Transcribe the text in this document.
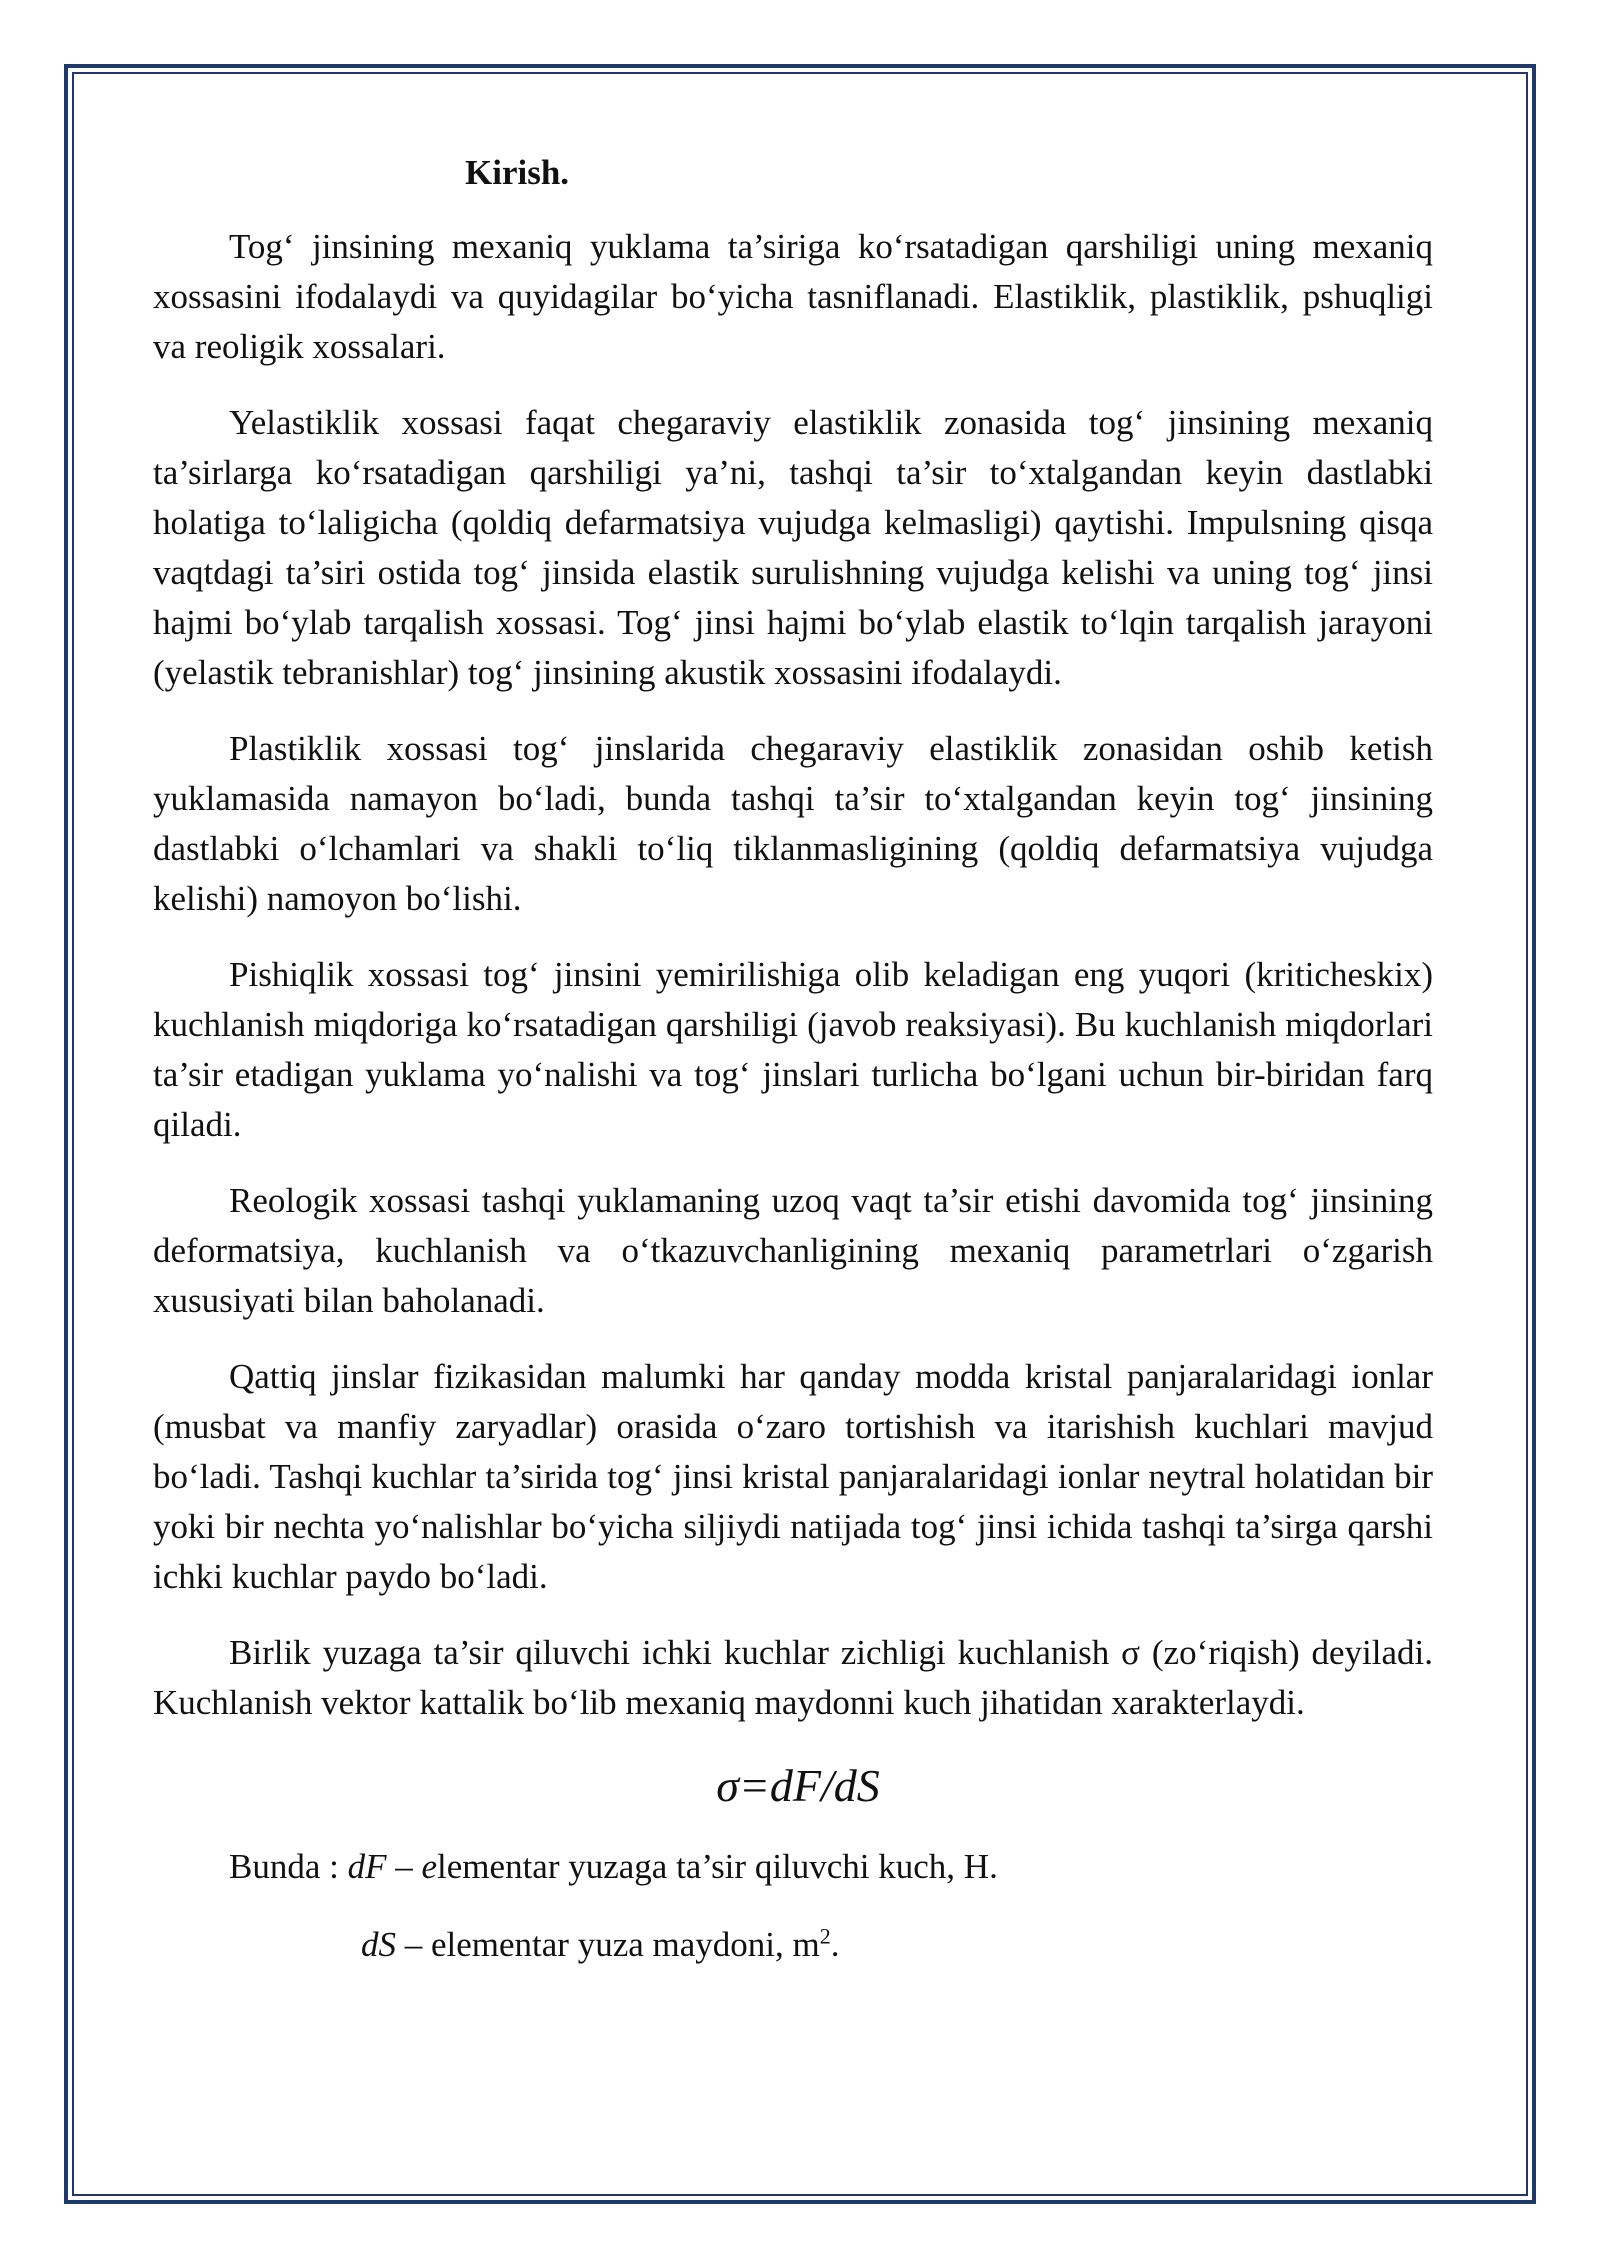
Kirish.

Tog‘ jinsining mexaniq yuklama ta’siriga ko‘rsatadigan qarshiligi uning mexaniq xossasini ifodalaydi va quyidagilar bo‘yicha tasniflanadi. Elastiklik, plastiklik, pshuqligi va reoligik xossalari.

Yelastiklik xossasi faqat chegaraviy elastiklik zonasida tog‘ jinsining mexaniq ta’sirlarga ko‘rsatadigan qarshiligi ya’ni, tashqi ta’sir to‘xtalgandan keyin dastlabki holatiga to‘laligicha (qoldiq defarmatsiya vujudga kelmasligi) qaytishi. Impulsning qisqa vaqtdagi ta’siri ostida tog‘ jinsida elastik surulishning vujudga kelishi va uning tog‘ jinsi hajmi bo‘ylab tarqalish xossasi. Tog‘ jinsi hajmi bo‘ylab elastik to‘lqin tarqalish jarayoni (yelastik tebranishlar) tog‘ jinsining akustik xossasini ifodalaydi.

Plastiklik xossasi tog‘ jinslarida chegaraviy elastiklik zonasidan oshib ketish yuklamasida namayon bo‘ladi, bunda tashqi ta’sir to‘xtalgandan keyin tog‘ jinsining dastlabki o‘lchamlari va shakli to‘liq tiklanmasligining (qoldiq defarmatsiya vujudga kelishi) namoyon bo‘lishi.

Pishiqlik xossasi tog‘ jinsini yemirilishiga olib keladigan eng yuqori (kriticheskix) kuchlanish miqdoriga ko‘rsatadigan qarshiligi (javob reaksiyasi). Bu kuchlanish miqdorlari ta’sir etadigan yuklama yo‘nalishi va tog‘ jinslari turlicha bo‘lgani uchun bir-biridan farq qiladi.

Reologik xossasi tashqi yuklamaning uzoq vaqt ta’sir etishi davomida tog‘ jinsining deformatsiya, kuchlanish va o‘tkazuvchanligining mexaniq parametrlari o‘zgarish xususiyati bilan baholanadi.

Qattiq jinslar fizikasidan malumki har qanday modda kristal panjaralaridagi ionlar (musbat va manfiy zaryadlar) orasida o‘zaro tortishish va itarishish kuchlari mavjud bo‘ladi. Tashqi kuchlar ta’sirida tog‘ jinsi kristal panjaralaridagi ionlar neytral holatidan bir yoki bir nechta yo‘nalishlar bo‘yicha siljiydi natijada tog‘ jinsi ichida tashqi ta’sirga qarshi ichki kuchlar paydo bo‘ladi.

Birlik yuzaga ta’sir qiluvchi ichki kuchlar zichligi kuchlanish σ (zo‘riqish) deyiladi. Kuchlanish vektor kattalik bo‘lib mexaniq maydonni kuch jihatidan xarakterlaydi.

σ=dF/dS
Bunda : dF – elementar yuzaga ta’sir qiluvchi kuch, H.
dS – elementar yuza maydoni, $m^2$.
